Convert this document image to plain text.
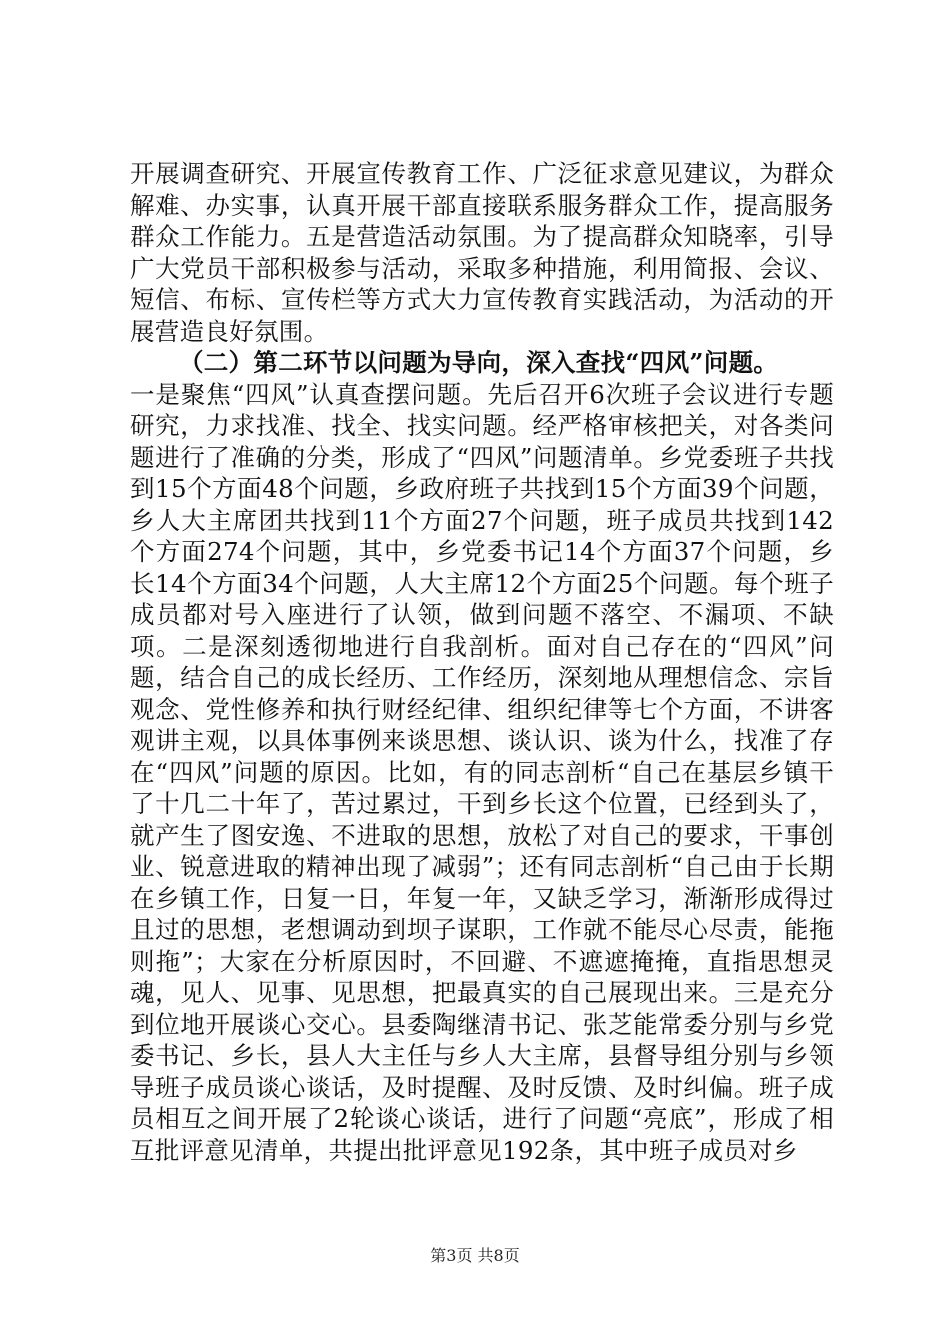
开展调查研究、开展宣传教育工作、广泛征求意见建议，为群众解难、办实事，认真开展干部直接联系服务群众工作，提高服务群众工作能力。五是营造活动氛围。为了提高群众知晓率，引导广大党员干部积极参与活动，采取多种措施，利用简报、会议、短信、布标、宣传栏等方式大力宣传教育实践活动，为活动的开展营造良好氛围。

（二）第二环节以问题为导向，深入查找“四风”问题。

一是聚焦“四风”认真查摆问题。先后召开6次班子会议进行专题研究，力求找准、找全、找实问题。经严格审核把关，对各类问题进行了准确的分类，形成了“四风”问题清单。乡党委班子共找到15个方面48个问题，乡政府班子共找到15个方面39个问题，乡人大主席团共找到11个方面27个问题，班子成员共找到142个方面274个问题，其中，乡党委书记14个方面37个问题，乡长14个方面34个问题，人大主席12个方面25个问题。每个班子成员都对号入座进行了认领，做到问题不落空、不漏项、不缺项。二是深刻透彻地进行自我剖析。面对自己存在的“四风”问题，结合自己的成长经历、工作经历，深刻地从理想信念、宗旨观念、党性修养和执行财经纪律、组织纪律等七个方面，不讲客观讲主观，以具体事例来谈思想、谈认识、谈为什么，找准了存在“四风”问题的原因。比如，有的同志剖析“自己在基层乡镇干了十几二十年了，苦过累过，干到乡长这个位置，已经到头了，就产生了图安逸、不进取的思想，放松了对自己的要求，干事创业、锐意进取的精神出现了减弱”；还有同志剖析“自己由于长期在乡镇工作，日复一日，年复一年，又缺乏学习，渐渐形成得过且过的思想，老想调动到坝子谋职，工作就不能尽心尽责，能拖则拖”；大家在分析原因时，不回避、不遮遮掩掩，直指思想灵魂，见人、见事、见思想，把最真实的自己展现出来。三是充分到位地开展谈心交心。县委陶继清书记、张芝能常委分别与乡党委书记、乡长，县人大主任与乡人大主席，县督导组分别与乡领导班子成员谈心谈话，及时提醒、及时反馈、及时纠偏。班子成员相互之间开展了2轮谈心谈话，进行了问题“亮底”，形成了相互批评意见清单，共提出批评意见192条，其中班子成员对乡

第3页 共8页
